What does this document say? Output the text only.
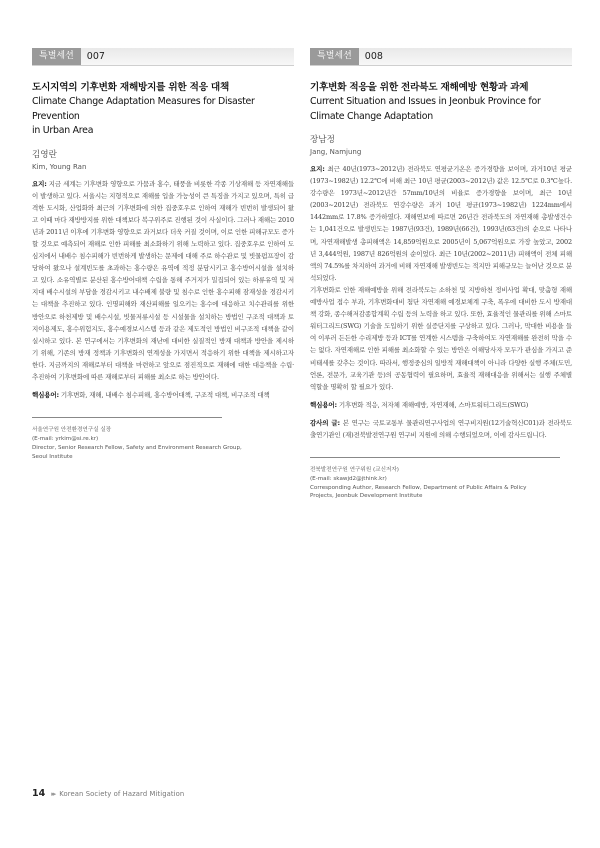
특별세션	007
도시지역의 기후변화 재해방지를 위한 적응 대책
Climate Change Adaptation Measures for Disaster Prevention
in Urban Area
김영란
Kim, Young Ran

요지: 지금 세계는 기후변화 영향으로 가뭄과 홍수, 태풍을 비롯한 각종 기상재해 등 자연재해들이 발생하고 있다. 서울시는 지형적으로 재해를 입을 가능성이 큰 특징을 가지고 있으며, 특히 급격한 도시화, 산업화와 최근의 기후변화에 의한 집중호우로 인하여 재해가 빈번히 발생되어 왔고 이때 마다 재방방지를 위한 대책보다 복구위주로 진행된 것이 사실이다. 그러나 재해는 2010년과 2011년 이후에 기후변화 영향으로 과거보다 더욱 커질 것이며, 이로 인한 피해규모도 증가할 것으로 예측되어 재해로 인한 피해를 최소화하기 위해 노력하고 있다. 집중호우로 인하여 도심지에서 내배수 침수피해가 빈번하게 발생하는 문제에 대해 주로 하수관로 및 빗물펌프장이 감당하여 왔으나 설계빈도를 초과하는 홍수량은 유역에 적정 분담시키고 홍수방어시설을 설치하고 있다. 소유역별로 분산된 홍수방어대책 수립을 통해 주거지가 밀집되어 있는 하류유역 및 저지대 배수시설의 부담을 경감시키고 내수배제 불량 및 침수로 인한 홍수피해 잠재성을 경감시키는 대책을 추진하고 있다. 인명피해와 재산피해를 일으키는 홍수에 대응하고 치수관리를 위한 방안으로 하천제방 및 배수시설, 빗물저류시설 등 시설물을 설치하는 방법인 구조적 대책과 토지이용제도, 홍수위험지도, 홍수예경보시스템 등과 같은 제도적인 방법인 비구조적 대책을 같이 실시하고 있다. 본 연구에서는 기후변화의 재난에 대비한 실질적인 방재 대책과 방안을 제시하기 위해, 기존의 방재 정책과 기후변화의 연계성을 가지면서 적응하기 위한 대책을 제시하고자 한다. 지금까지의 재해로부터 대책을 마련하고 앞으로 점진적으로 재해에 대한 대응책을 수립·추진하여 기후변화에 따른 재해로부터 피해를 최소로 하는 방안이다.

핵심용어: 기후변화, 재해, 내배수 침수피해, 홍수방어대책, 구조적 대책, 비구조적 대책
서울연구원 안전환경연구실 실장
(E-mail: yrkim@si.re.kr)
Director, Senior Research Fellow, Safety and Environment Research Group,
Seoul Institute
특별세션	008
기후변화 적응을 위한 전라북도 재해예방 현황과 과제
Current Situation and Issues in Jeonbuk Province for
Climate Change Adaptation
장남정
Jang, Namjung

요지: 최근 40년(1973~2012년) 전라북도 연평균기온은 증가경향을 보이며, 과거10년 평균(1973~1982년) 12.2℃에 비해 최근 10년 평균(2003~2012년) 값은 12.5℃로 0.3℃높다. 강수량은 1973년~2012년간 57mm/10년의 비율로 증가경향을 보이며, 최근 10년(2003~2012년) 전라북도 연강수량은 과거 10년 평균(1973~1982년) 1224mm에서 1442mm로 17.8% 증가하였다. 재해연보에 따르면 26년간 전라북도의 자연재해 총발생건수는 1,041건으로 발생빈도는 1987년(93건), 1989년(66건), 1993년(63건)의 순으로 나타나며, 자연재해발생 총피해액은 14,859억원으로 2005년이 5,067억원으로 가장 높았고, 2002년 3,444억원, 1987년 826억원의 순이었다. 최근 10년(2002~2011년) 피해액이 전체 피해액의 74.5%를 차지하여 과거에 비해 자연재해 발생빈도는 적지만 피해규모는 늘어난 것으로 분석되었다.

기후변화로 인한 재해예방을 위해 전라북도는 소하천 및 지방하천 정비사업 확대, 맞춤형 재해예방사업 접수 부과, 기후변화대비 첨단 자연재해 예경보체계 구축, 폭우에 대비한 도시 방재대책 강화, 종수해저감종합계획 수립 등의 노력을 하고 있다. 또한, 효율적인 물관리를 위해 스마트워터그리드(SWG) 기술을 도입하기 위한 실증단지를 구상하고 있다. 그러나, 막대한 비용을 들여 이루러 든든한 수리제방 등과 ICT를 연계한 시스템을 구축하여도 자연재해를 완전히 막을 수는 없다. 자연재해로 인한 피해를 최소화할 수 있는 방안은 이해당사자 모두가 관심을 가지고 준비태세를 갖추는 것이다. 따라서, 행정중심의 일방적 재해대책이 아니라 다양한 실행 주체(도민, 언론, 전문가, 교육기관 등)의 공동협력이 필요하며, 효율적 재해대응을 위해서는 실행 주체별 역할을 명확히 할 필요가 있다.

핵심용어: 기후변화 적응, 저자체 재해예방, 자연재해, 스마트워터그리드(SWG)
감사의 글: 본 연구는 국토교통부 물관리연구사업의 연구비지원(12기술혁신C01)과 전라북도 출연기관인 (재)전북발전연구원 연구비 지원에 의해 수행되었으며, 이에 감사드립니다.
전북발전연구원 연구위원 (교신저자)
(E-mail: skawjd2@jthink.kr)
Corresponding Author, Research Fellow, Department of Public Affairs & Policy
Projects, Jeonbuk Development Institute
14 ▸▸ Korean Society of Hazard Mitigation
